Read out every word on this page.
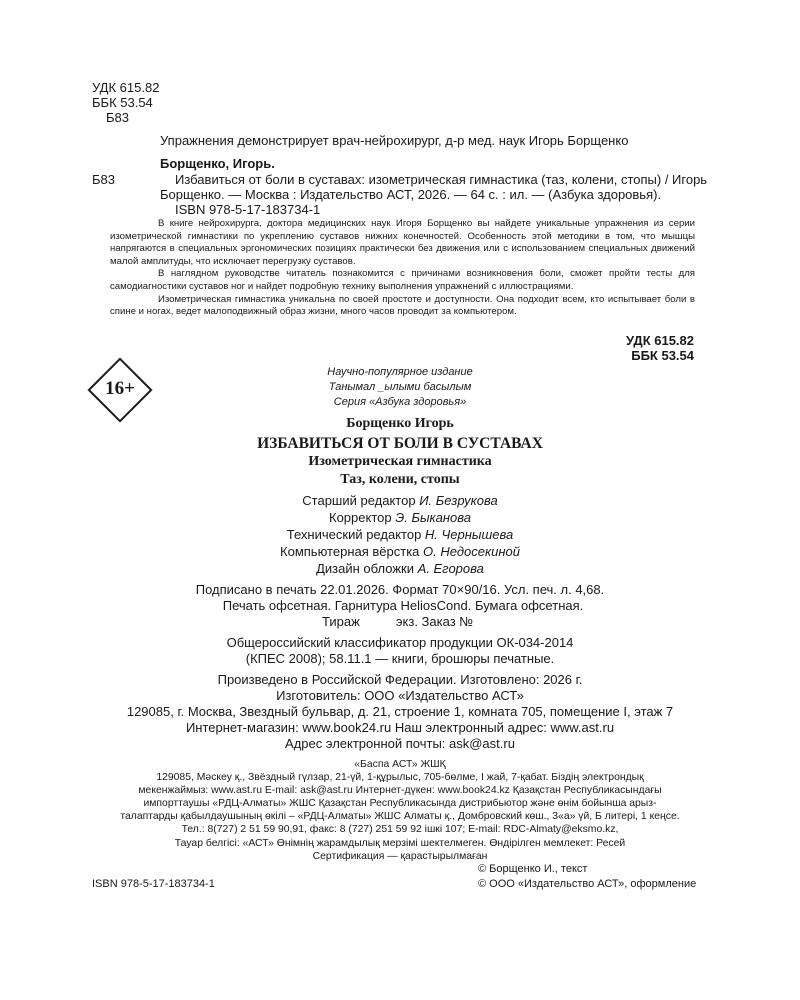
УДК 615.82
ББК 53.54
Б83
Упражнения демонстрирует врач-нейрохирург, д-р мед. наук Игорь Борщенко
Борщенко, Игорь.
Б83	Избавиться от боли в суставах: изометрическая гимнастика (таз, колени, стопы) / Игорь
Борщенко. — Москва : Издательство АСТ, 2026. — 64 с. : ил. — (Азбука здоровья).
ISBN 978-5-17-183734-1

В книге нейрохирурга, доктора медицинских наук Игоря Борщенко вы найдете уникальные упражнения из серии изометрической гимнастики по укреплению суставов нижних конечностей. Особенность этой методики в том, что мышцы напрягаются в специальных эргономических позициях практически без движения или с использованием специальных движений малой амплитуды, что исключает перегрузку суставов.

В наглядном руководстве читатель познакомится с причинами возникновения боли, сможет пройти тесты для самодиагностики суставов ног и найдет подробную технику выполнения упражнений с иллюстрациями.

Изометрическая гимнастика уникальна по своей простоте и доступности. Она подходит всем, кто испытывает боли в спине и ногах, ведет малоподвижный образ жизни, много часов проводит за компьютером.

УДК 615.82
ББК 53.54
16+
Научно-популярное издание
Танымал _ылыми басылым
Серия «Азбука здоровья»
Борщенко Игорь
ИЗБАВИТЬСЯ ОТ БОЛИ В СУСТАВАХ
Изометрическая гимнастика
Таз, колени, стопы
Старший редактор И. Безрукова
Корректор Э. Быканова
Технический редактор Н. Чернышева
Компьютерная вёрстка О. Недосекиной
Дизайн обложки А. Егорова
Подписано в печать 22.01.2026. Формат 70×90/16. Усл. печ. л. 4,68.
Печать офсетная. Гарнитура HeliosCond. Бумага офсетная.
Тираж          экз. Заказ №
Общероссийский классификатор продукции ОК-034-2014
(КПЕС 2008); 58.11.1 — книги, брошюры печатные.
Произведено в Российской Федерации. Изготовлено: 2026 г.
Изготовитель: ООО «Издательство АСТ»
129085, г. Москва, Звездный бульвар, д. 21, строение 1, комната 705, помещение I, этаж 7
Интернет-магазин: www.book24.ru Наш электронный адрес: www.ast.ru
Адрес электронной почты: ask@ast.ru
«Баспа АСТ» ЖШҚ
129085, Мәскеу қ., Звёздный гүлзар, 21-үй, 1-құрылыс, 705-бөлме, I жай, 7-қабат. Біздің электрондық
мекенжаймыз: www.ast.ru E-mail: ask@ast.ru Интернет-дүкен: www.book24.kz Қазақстан Республикасындағы
импорттаушы «РДЦ-Алматы» ЖШС Қазақстан Республикасында дистрибьютор және өнім бойынша арыз-
талаптарды қабылдаушының өкілі – «РДЦ-Алматы» ЖШС Алматы қ., Домбровский көш., 3«а» үй, Б литері, 1 кеңсе.
Тел.: 8(727) 2 51 59 90,91, факс: 8 (727) 251 59 92 ішкі 107; E-mail: RDC-Almaty@eksmo.kz,
Тауар белгісі: «АСТ» Өнімнің жарамдылық мерзімі шектелмеген. Өндірілген мемлекет: Ресей
Сертификация — қарастырылмаған
ISBN 978-5-17-183734-1
© Борщенко И., текст
© ООО «Издательство АСТ», оформление
